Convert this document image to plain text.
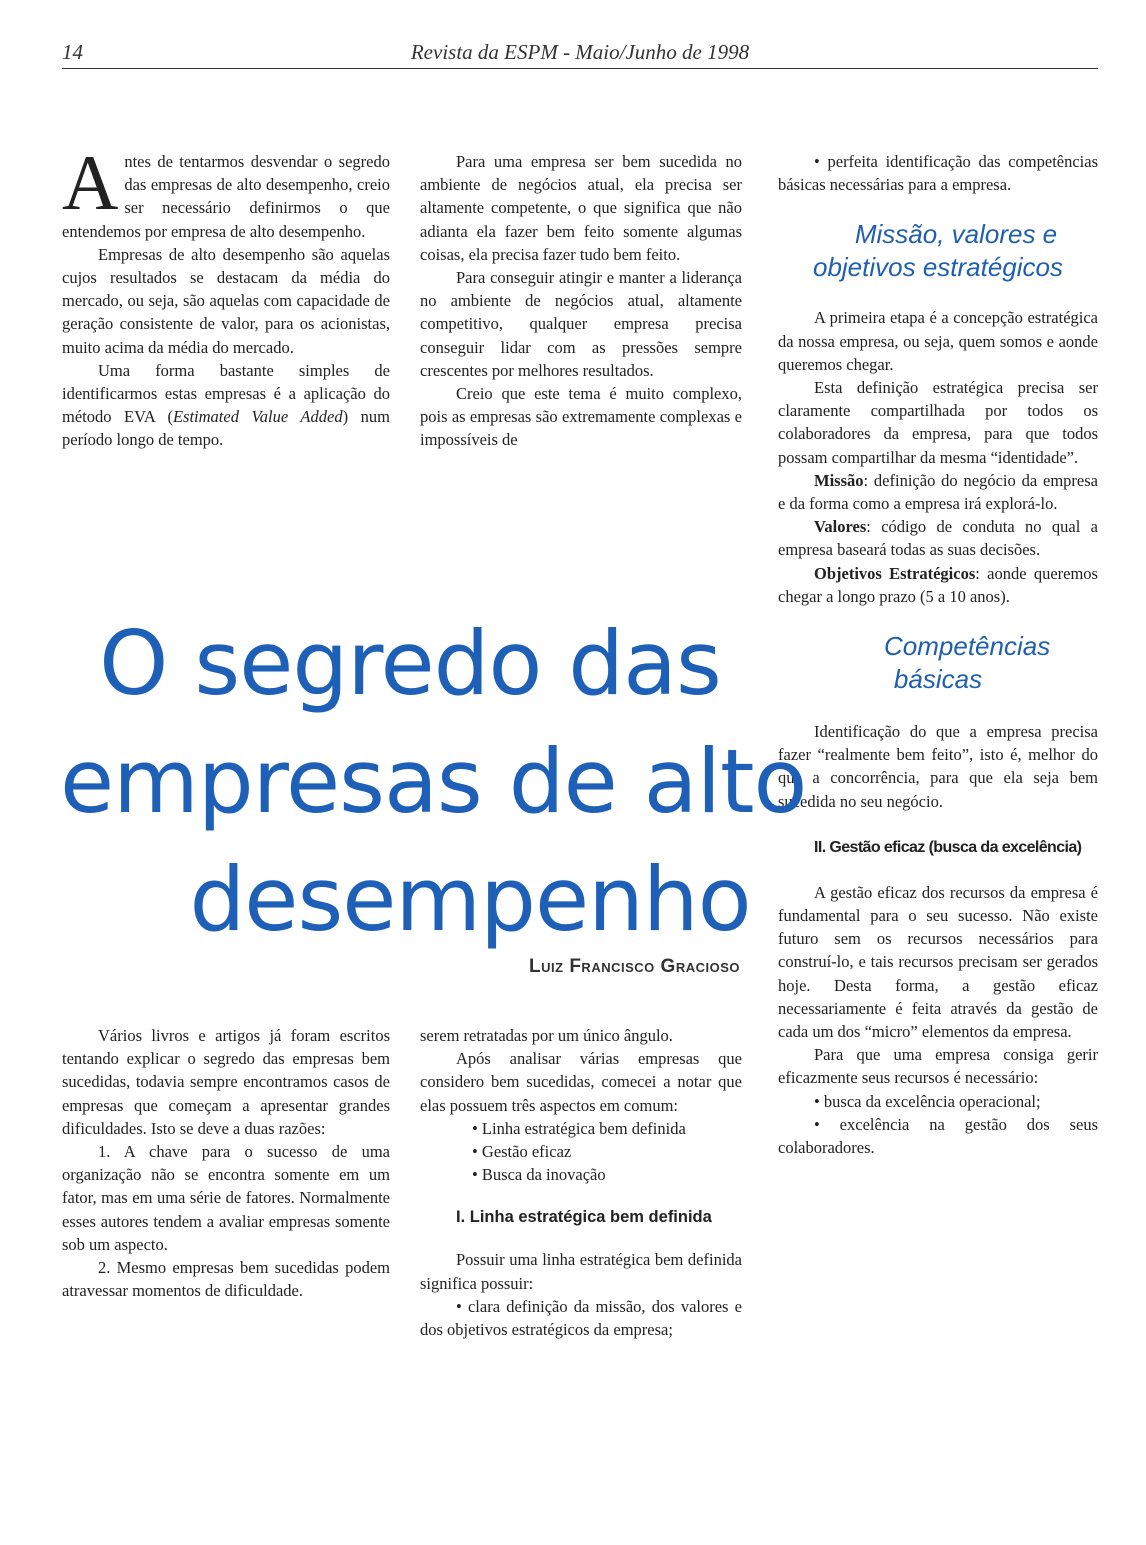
14	Revista da ESPM - Maio/Junho de 1998

Antes de tentarmos desvendar o segredo das empresas de alto desempenho, creio ser necessário definirmos o que entendemos por empresa de alto desempenho.

Empresas de alto desempenho são aquelas cujos resultados se destacam da média do mercado, ou seja, são aquelas com capacidade de geração consistente de valor, para os acionistas, muito acima da média do mercado.

Uma forma bastante simples de identificarmos estas empresas é a aplicação do método EVA (Estimated Value Added) num período longo de tempo.

Para uma empresa ser bem sucedida no ambiente de negócios atual, ela precisa ser altamente competente, o que significa que não adianta ela fazer bem feito somente algumas coisas, ela precisa fazer tudo bem feito.

Para conseguir atingir e manter a liderança no ambiente de negócios atual, altamente competitivo, qualquer empresa precisa conseguir lidar com as pressões sempre crescentes por melhores resultados.

Creio que este tema é muito complexo, pois as empresas são extremamente complexas e impossíveis de

• perfeita identificação das competências básicas necessárias para a empresa.

Missão, valores e objetivos estratégicos

A primeira etapa é a concepção estratégica da nossa empresa, ou seja, quem somos e aonde queremos chegar.

Esta definição estratégica precisa ser claramente compartilhada por todos os colaboradores da empresa, para que todos possam compartilhar da mesma “identidade”.

Missão: definição do negócio da empresa e da forma como a empresa irá explorá-lo.

Valores: código de conduta no qual a empresa baseará todas as suas decisões.

Objetivos Estratégicos: aonde queremos chegar a longo prazo (5 a 10 anos).

Competências básicas

Identificação do que a empresa precisa fazer “realmente bem feito”, isto é, melhor do que a concorrência, para que ela seja bem sucedida no seu negócio.

II. Gestão eficaz (busca da excelência)

A gestão eficaz dos recursos da empresa é fundamental para o seu sucesso. Não existe futuro sem os recursos necessários para construí-lo, e tais recursos precisam ser gerados hoje. Desta forma, a gestão eficaz necessariamente é feita através da gestão de cada um dos “micro” elementos da empresa.

Para que uma empresa consiga gerir eficazmente seus recursos é necessário:

• busca da excelência operacional;

• excelência na gestão dos seus colaboradores.

O segredo das
empresas de alto
desempenho
Luiz Francisco Gracioso

Vários livros e artigos já foram escritos tentando explicar o segredo das empresas bem sucedidas, todavia sempre encontramos casos de empresas que começam a apresentar grandes dificuldades. Isto se deve a duas razões:

1. A chave para o sucesso de uma organização não se encontra somente em um fator, mas em uma série de fatores. Normalmente esses autores tendem a avaliar empresas somente sob um aspecto.

2. Mesmo empresas bem sucedidas podem atravessar momentos de dificuldade.

serem retratadas por um único ângulo.

Após analisar várias empresas que considero bem sucedidas, comecei a notar que elas possuem três aspectos em comum:

• Linha estratégica bem definida

• Gestão eficaz

• Busca da inovação

I. Linha estratégica bem definida

Possuir uma linha estratégica bem definida significa possuir:

• clara definição da missão, dos valores e dos objetivos estratégicos da empresa;
